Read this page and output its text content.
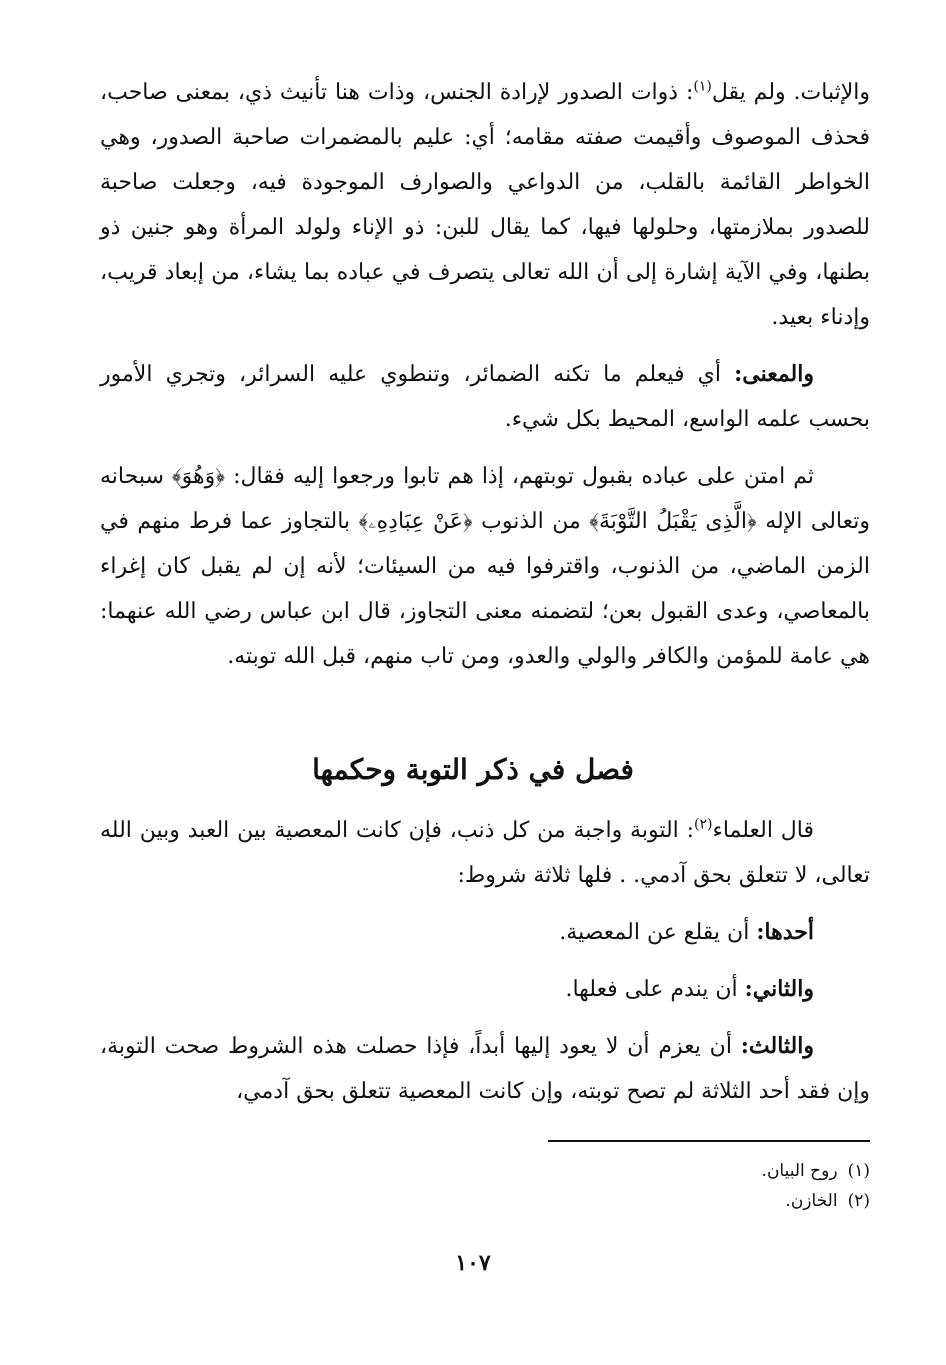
والإثبات. ولم يقل$^{(١)}$: ذوات الصدور لإرادة الجنس، وذات هنا تأنيث ذي، بمعنى صاحب، فحذف الموصوف وأقيمت صفته مقامه؛ أي: عليم بالمضمرات صاحبة الصدور، وهي الخواطر القائمة بالقلب، من الدواعي والصوارف الموجودة فيه، وجعلت صاحبة للصدور بملازمتها، وحلولها فيها، كما يقال للبن: ذو الإناء ولولد المرأة وهو جنين ذو بطنها، وفي الآية إشارة إلى أن الله تعالى يتصرف في عباده بما يشاء، من إبعاد قريب، وإدناء بعيد.

والمعنى: أي فيعلم ما تكنه الضمائر، وتنطوي عليه السرائر، وتجري الأمور بحسب علمه الواسع، المحيط بكل شيء.

ثم امتن على عباده بقبول توبتهم، إذا هم تابوا ورجعوا إليه فقال: ﴿وَهُوَ﴾ سبحانه وتعالى الإله ﴿الَّذِى يَقْبَلُ التَّوْبَةَ﴾ من الذنوب ﴿عَنْ عِبَادِهِۦ﴾ بالتجاوز عما فرط منهم في الزمن الماضي، من الذنوب، واقترفوا فيه من السيئات؛ لأنه إن لم يقبل كان إغراء بالمعاصي، وعدى القبول بعن؛ لتضمنه معنى التجاوز، قال ابن عباس رضي الله عنهما: هي عامة للمؤمن والكافر والولي والعدو، ومن تاب منهم، قبل الله توبته.

فصل في ذكر التوبة وحكمها

قال العلماء$^{(٢)}$: التوبة واجبة من كل ذنب، فإن كانت المعصية بين العبد وبين الله تعالى، لا تتعلق بحق آدمي. . فلها ثلاثة شروط:

أحدها: أن يقلع عن المعصية.

والثاني: أن يندم على فعلها.

والثالث: أن يعزم أن لا يعود إليها أبداً، فإذا حصلت هذه الشروط صحت التوبة، وإن فقد أحد الثلاثة لم تصح توبته، وإن كانت المعصية تتعلق بحق آدمي،

(١)روح البيان.
(٢)الخازن.
١٠٧
